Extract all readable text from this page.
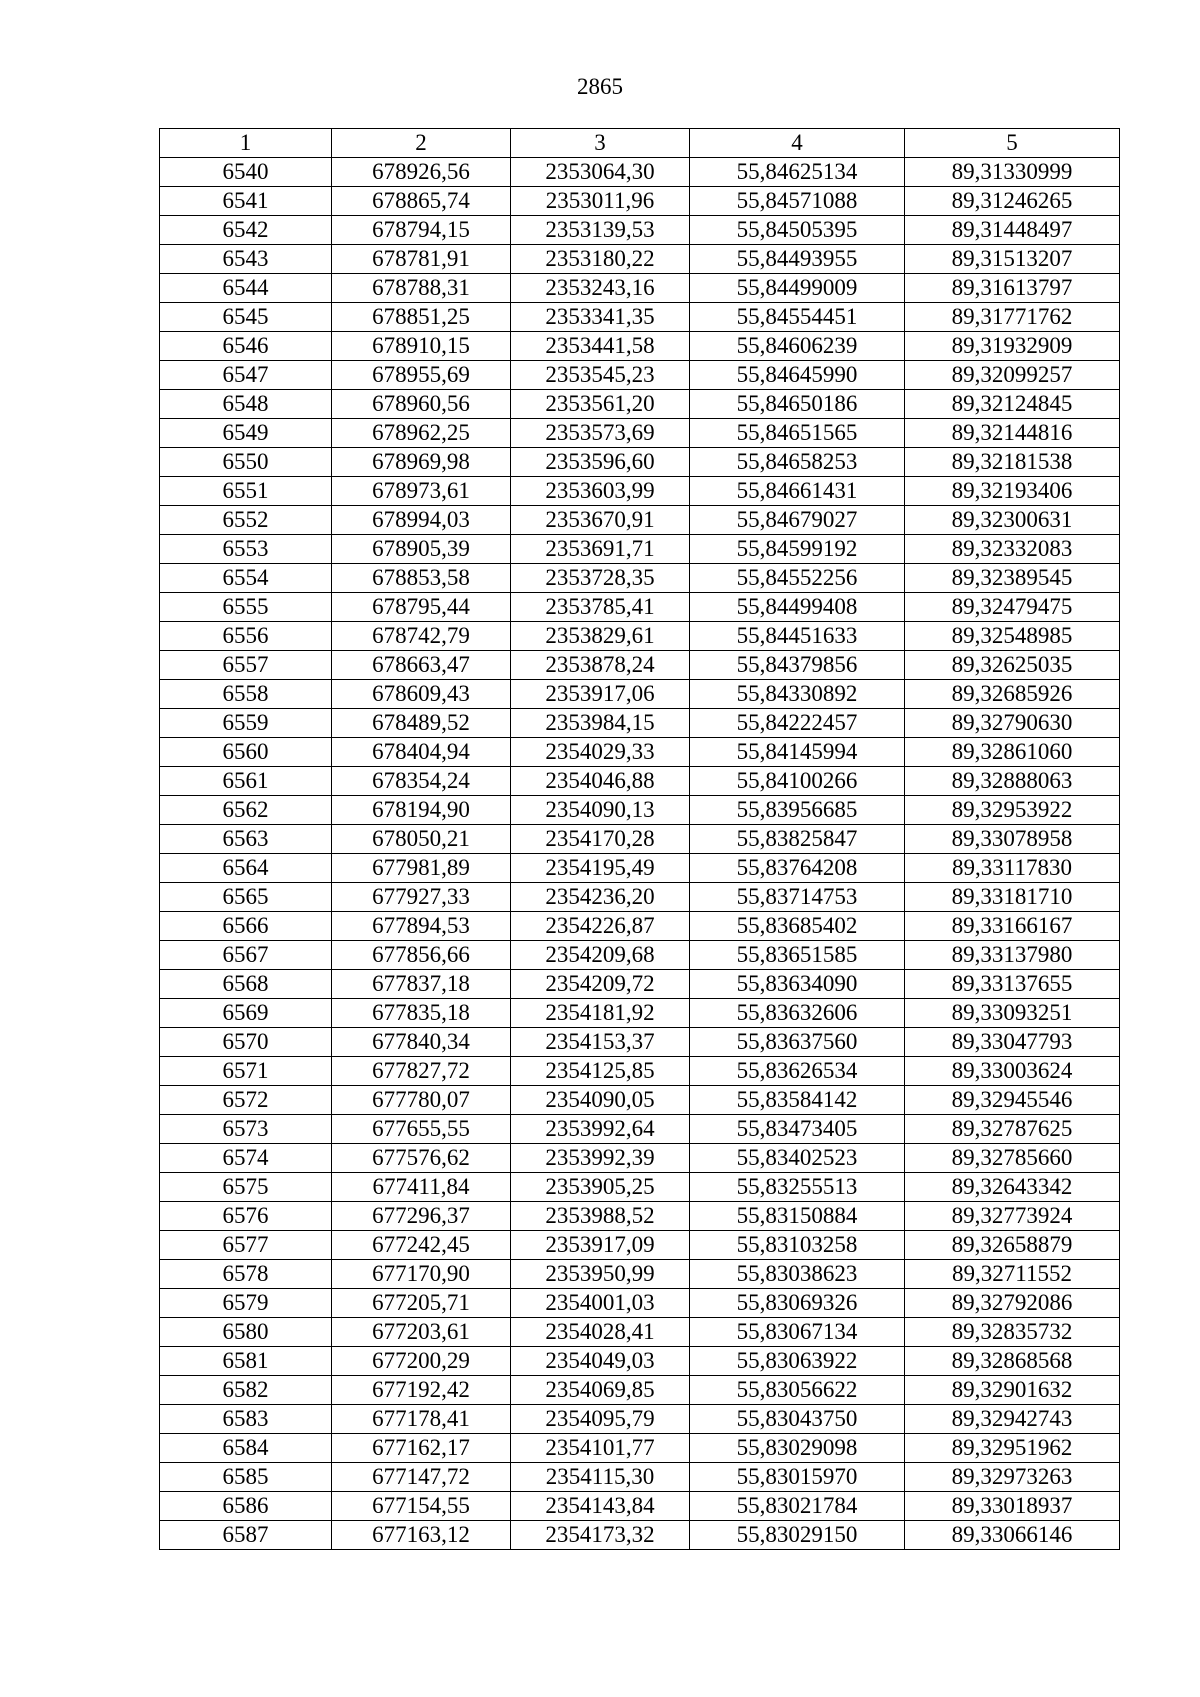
2865
1	2	3	4	5
6540	678926,56	2353064,30	55,84625134	89,31330999
6541	678865,74	2353011,96	55,84571088	89,31246265
6542	678794,15	2353139,53	55,84505395	89,31448497
6543	678781,91	2353180,22	55,84493955	89,31513207
6544	678788,31	2353243,16	55,84499009	89,31613797
6545	678851,25	2353341,35	55,84554451	89,31771762
6546	678910,15	2353441,58	55,84606239	89,31932909
6547	678955,69	2353545,23	55,84645990	89,32099257
6548	678960,56	2353561,20	55,84650186	89,32124845
6549	678962,25	2353573,69	55,84651565	89,32144816
6550	678969,98	2353596,60	55,84658253	89,32181538
6551	678973,61	2353603,99	55,84661431	89,32193406
6552	678994,03	2353670,91	55,84679027	89,32300631
6553	678905,39	2353691,71	55,84599192	89,32332083
6554	678853,58	2353728,35	55,84552256	89,32389545
6555	678795,44	2353785,41	55,84499408	89,32479475
6556	678742,79	2353829,61	55,84451633	89,32548985
6557	678663,47	2353878,24	55,84379856	89,32625035
6558	678609,43	2353917,06	55,84330892	89,32685926
6559	678489,52	2353984,15	55,84222457	89,32790630
6560	678404,94	2354029,33	55,84145994	89,32861060
6561	678354,24	2354046,88	55,84100266	89,32888063
6562	678194,90	2354090,13	55,83956685	89,32953922
6563	678050,21	2354170,28	55,83825847	89,33078958
6564	677981,89	2354195,49	55,83764208	89,33117830
6565	677927,33	2354236,20	55,83714753	89,33181710
6566	677894,53	2354226,87	55,83685402	89,33166167
6567	677856,66	2354209,68	55,83651585	89,33137980
6568	677837,18	2354209,72	55,83634090	89,33137655
6569	677835,18	2354181,92	55,83632606	89,33093251
6570	677840,34	2354153,37	55,83637560	89,33047793
6571	677827,72	2354125,85	55,83626534	89,33003624
6572	677780,07	2354090,05	55,83584142	89,32945546
6573	677655,55	2353992,64	55,83473405	89,32787625
6574	677576,62	2353992,39	55,83402523	89,32785660
6575	677411,84	2353905,25	55,83255513	89,32643342
6576	677296,37	2353988,52	55,83150884	89,32773924
6577	677242,45	2353917,09	55,83103258	89,32658879
6578	677170,90	2353950,99	55,83038623	89,32711552
6579	677205,71	2354001,03	55,83069326	89,32792086
6580	677203,61	2354028,41	55,83067134	89,32835732
6581	677200,29	2354049,03	55,83063922	89,32868568
6582	677192,42	2354069,85	55,83056622	89,32901632
6583	677178,41	2354095,79	55,83043750	89,32942743
6584	677162,17	2354101,77	55,83029098	89,32951962
6585	677147,72	2354115,30	55,83015970	89,32973263
6586	677154,55	2354143,84	55,83021784	89,33018937
6587	677163,12	2354173,32	55,83029150	89,33066146
